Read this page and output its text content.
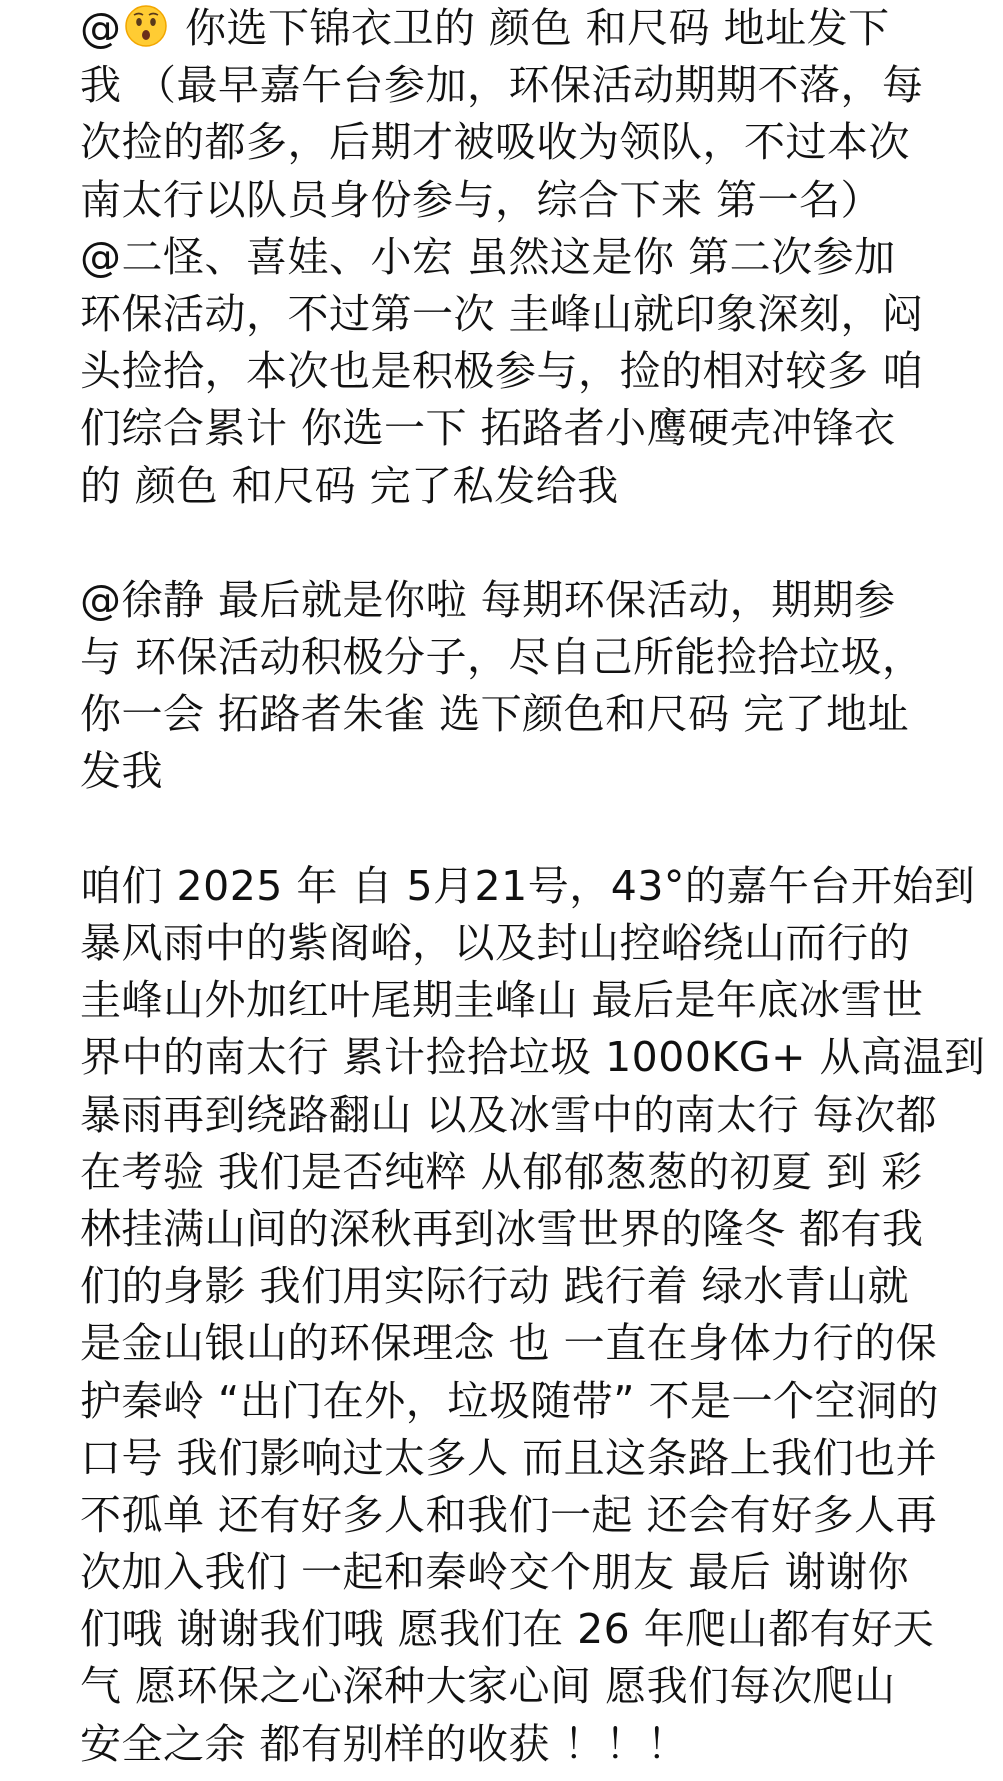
@ 你选下锦衣卫的 颜色 和尺码 地址发下
我 （最早嘉午台参加，环保活动期期不落，每
次捡的都多，后期才被吸收为领队，不过本次
南太行以队员身份参与，综合下来 第一名）
@二怪、喜娃、小宏 虽然这是你 第二次参加
环保活动，不过第一次 圭峰山就印象深刻，闷
头捡拾，本次也是积极参与，捡的相对较多 咱
们综合累计 你选一下 拓路者小鹰硬壳冲锋衣
的 颜色 和尺码 完了私发给我
@徐静 最后就是你啦 每期环保活动，期期参
与 环保活动积极分子，尽自己所能捡拾垃圾，
你一会 拓路者朱雀 选下颜色和尺码 完了地址
发我
咱们 2025 年 自 5月21号，43°的嘉午台开始到
暴风雨中的紫阁峪，以及封山控峪绕山而行的
圭峰山外加红叶尾期圭峰山 最后是年底冰雪世
界中的南太行 累计捡拾垃圾 1000KG+ 从高温到
暴雨再到绕路翻山 以及冰雪中的南太行 每次都
在考验 我们是否纯粹 从郁郁葱葱的初夏 到 彩
林挂满山间的深秋再到冰雪世界的隆冬 都有我
们的身影 我们用实际行动 践行着 绿水青山就
是金山银山的环保理念 也 一直在身体力行的保
护秦岭 “出门在外，垃圾随带” 不是一个空洞的
口号 我们影响过太多人 而且这条路上我们也并
不孤单 还有好多人和我们一起 还会有好多人再
次加入我们 一起和秦岭交个朋友 最后 谢谢你
们哦 谢谢我们哦 愿我们在 26 年爬山都有好天
气 愿环保之心深种大家心间 愿我们每次爬山
安全之余 都有别样的收获 ！！！
